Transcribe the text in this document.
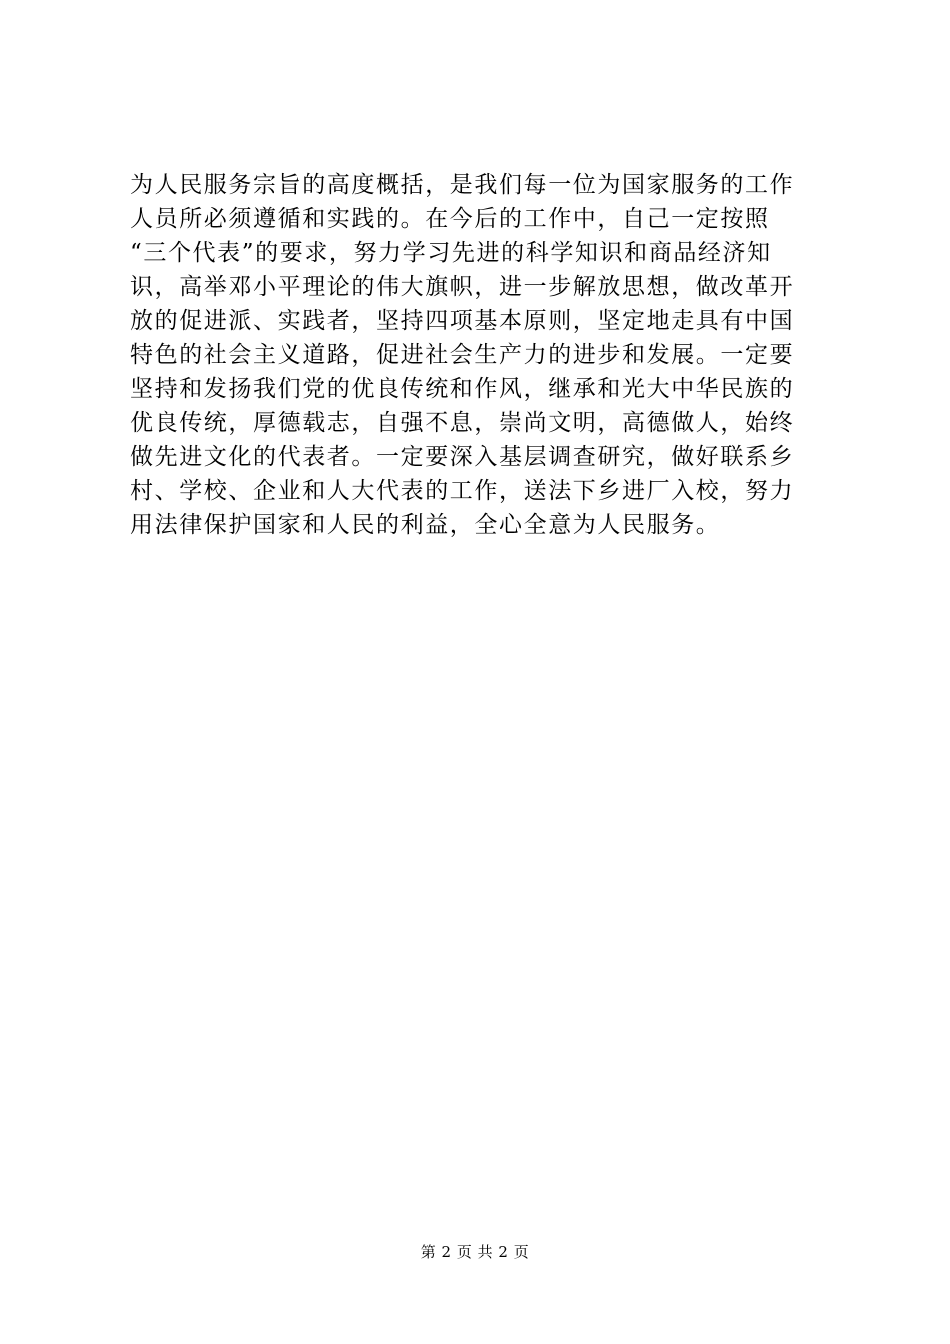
为人民服务宗旨的高度概括，是我们每一位为国家服务的工作
人员所必须遵循和实践的。在今后的工作中，自己一定按照
“三个代表”的要求，努力学习先进的科学知识和商品经济知
识，高举邓小平理论的伟大旗帜，进一步解放思想，做改革开
放的促进派、实践者，坚持四项基本原则，坚定地走具有中国
特色的社会主义道路，促进社会生产力的进步和发展。一定要
坚持和发扬我们党的优良传统和作风，继承和光大中华民族的
优良传统，厚德载志，自强不息，崇尚文明，高德做人，始终
做先进文化的代表者。一定要深入基层调查研究，做好联系乡
村、学校、企业和人大代表的工作，送法下乡进厂入校，努力
用法律保护国家和人民的利益，全心全意为人民服务。
第 2 页 共 2 页
